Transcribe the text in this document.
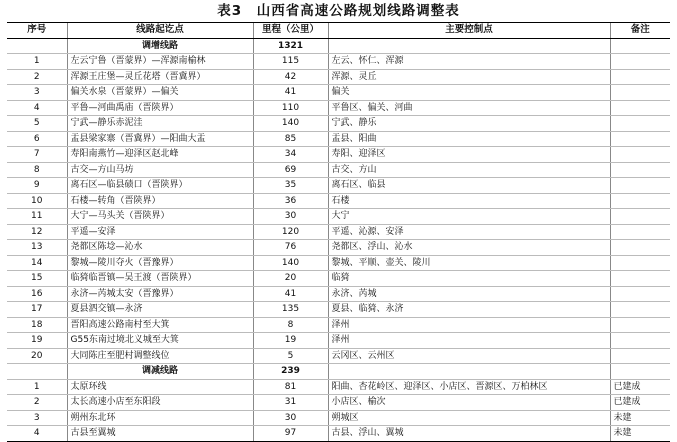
表3　山西省高速公路规划线路调整表
序号	线路起讫点	里程（公里）	主要控制点	备注
	调增线路	1321		
1	左云宁鲁（晋蒙界）—浑源南榆林	115	左云、怀仁、浑源	
2	浑源王庄堡—灵丘花塔（晋冀界）	42	浑源、灵丘	
3	偏关水泉（晋蒙界）—偏关	41	偏关	
4	平鲁—河曲禹庙（晋陕界）	110	平鲁区、偏关、河曲	
5	宁武—静乐赤泥洼	140	宁武、静乐	
6	盂县梁家寨（晋冀界）—阳曲大盂	85	盂县、阳曲	
7	寿阳南燕竹—迎泽区赵北峰	34	寿阳、迎泽区	
8	古交—方山马坊	69	古交、方山	
9	离石区—临县碛口（晋陕界）	35	离石区、临县	
10	石楼—转角（晋陕界）	36	石楼	
11	大宁—马头关（晋陕界）	30	大宁	
12	平遥—安泽	120	平遥、沁源、安泽	
13	尧都区陈埝—沁水	76	尧都区、浮山、沁水	
14	黎城—陵川夺火（晋豫界）	140	黎城、平顺、壶关、陵川	
15	临猗临晋镇—吴王渡（晋陕界）	20	临猗	
16	永济—芮城太安（晋豫界）	41	永济、芮城	
17	夏县泗交镇—永济	135	夏县、临猗、永济	
18	晋阳高速公路南村至大箕	8	泽州	
19	G55东南过境北义城至大箕	19	泽州	
20	大同陈庄至肥村调整线位	5	云冈区、云州区	
	调减线路	239		
1	太原环线	81	阳曲、杏花岭区、迎泽区、小店区、晋源区、万柏林区	已建成
2	太长高速小店至东阳段	31	小店区、榆次	已建成
3	朔州东北环	30	朔城区	未建
4	古县至翼城	97	古县、浮山、翼城	未建
